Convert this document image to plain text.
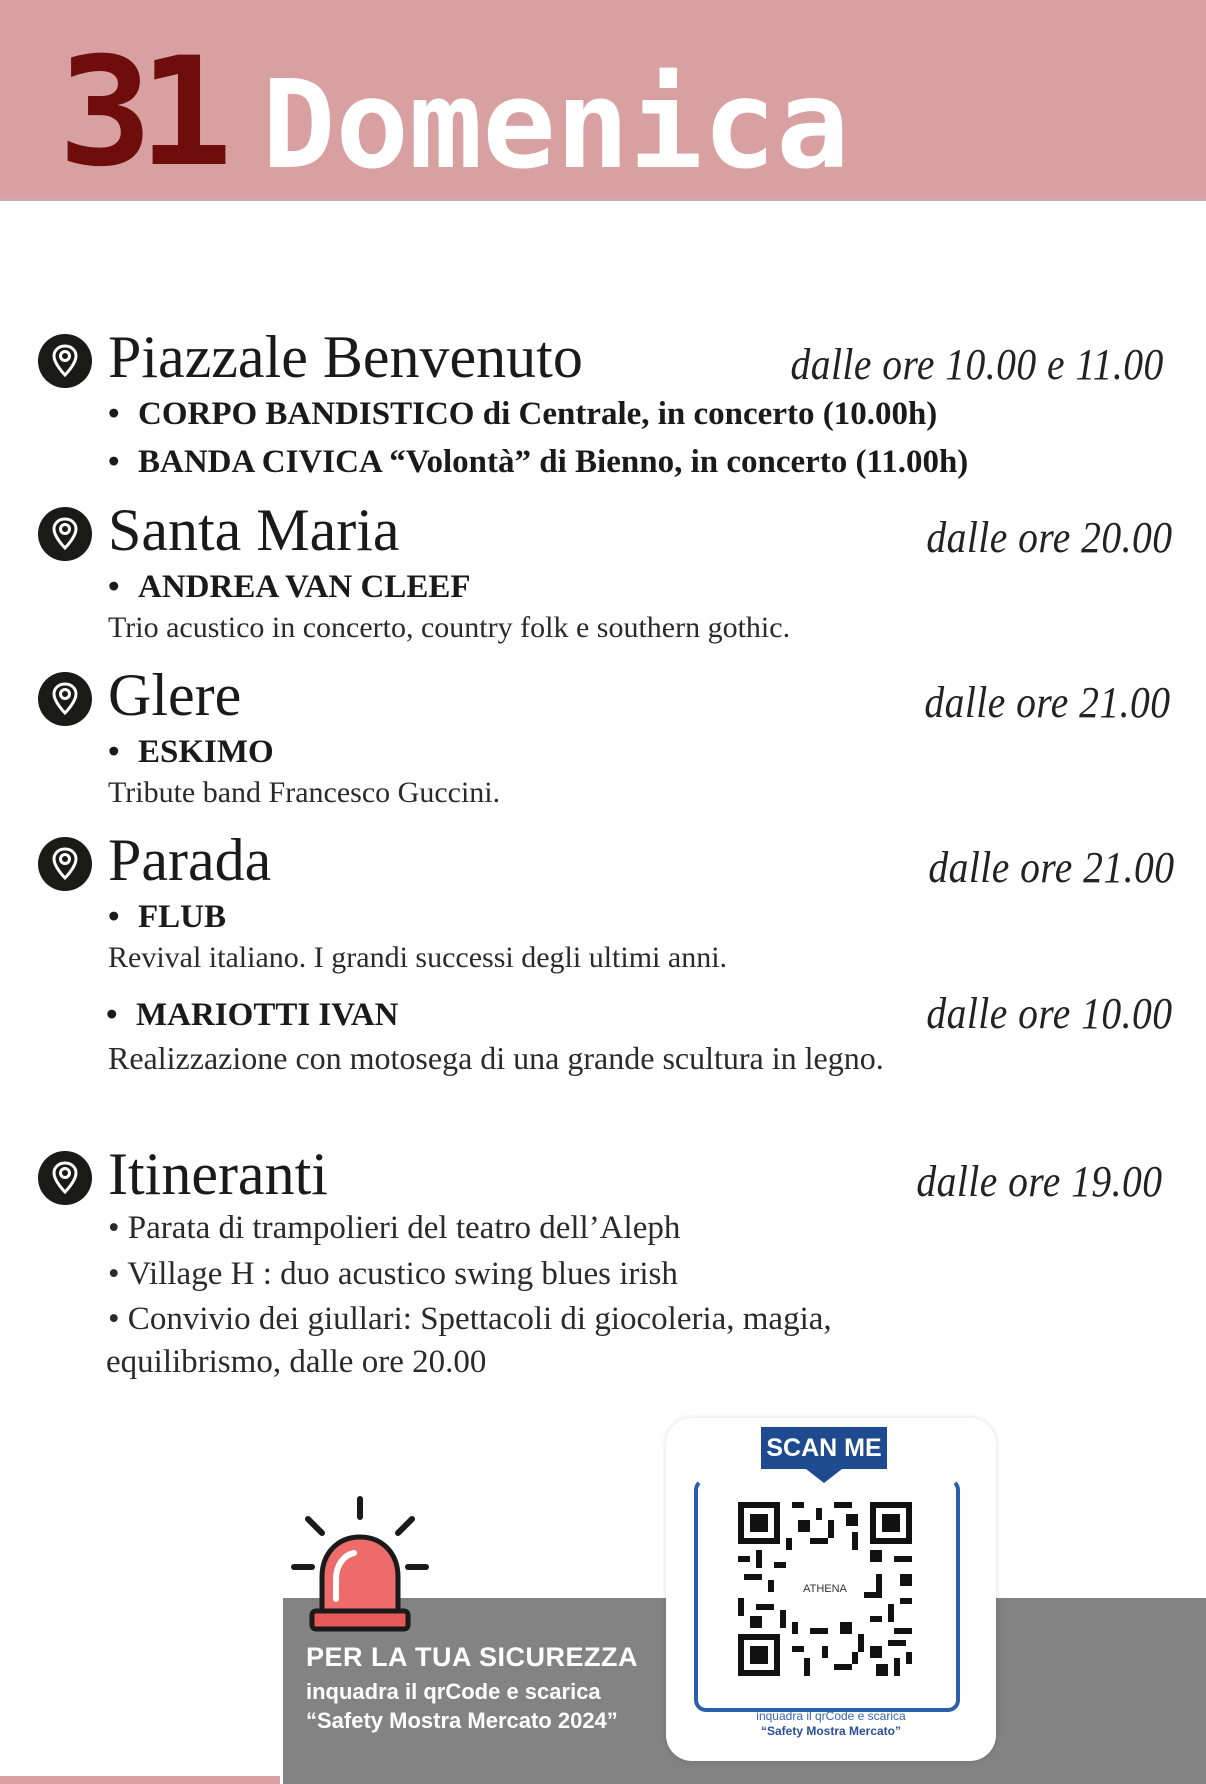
31 Domenica
Piazzale Benvenuto	dalle ore 10.00 e 11.00
• CORPO BANDISTICO di Centrale, in concerto (10.00h)
• BANDA CIVICA “Volontà” di Bienno, in concerto (11.00h)
Santa Maria	dalle ore 20.00
• ANDREA VAN CLEEF
Trio acustico in concerto, country folk e southern gothic.
Glere	dalle ore 21.00
• ESKIMO
Tribute band Francesco Guccini.
Parada	dalle ore 21.00
• FLUB
Revival italiano. I grandi successi degli ultimi anni.
• MARIOTTI IVAN	dalle ore 10.00
Realizzazione con motosega di una grande scultura in legno.
Itineranti	dalle ore 19.00
• Parata di trampolieri del teatro dell’Aleph
• Village H : duo acustico swing blues irish
• Convivio dei giullari: Spettacoli di giocoleria, magia,
equilibrismo, dalle ore 20.00
PER LA TUA SICUREZZA
inquadra il qrCode e scarica
“Safety Mostra Mercato 2024”
SCAN ME
ATHENA
inquadra il qrCode e scarica
“Safety Mostra Mercato”
